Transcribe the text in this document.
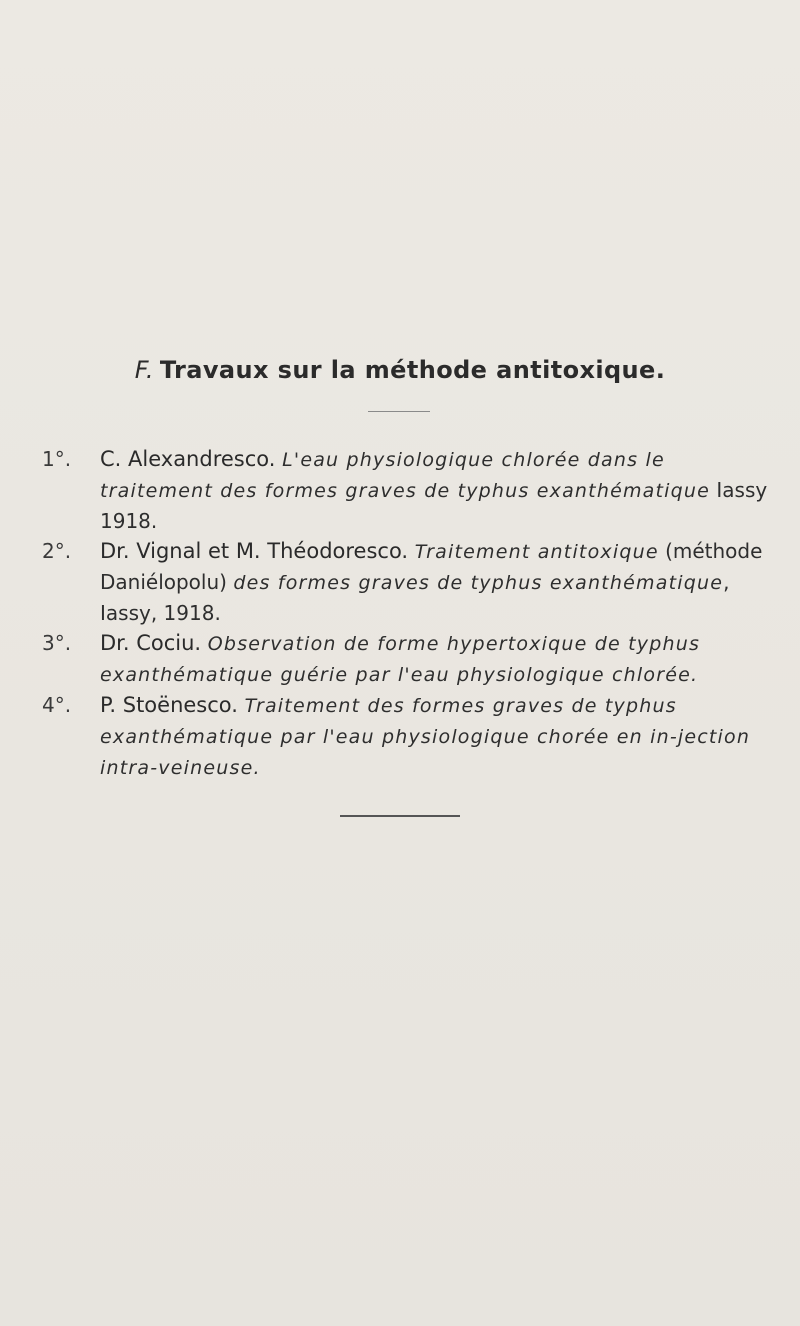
F. Travaux sur la méthode antitoxique.
1°. C. Alexandresco. L'eau physiologique chlorée dans le traitement des formes graves de typhus exanthématique Iassy 1918.
2°. Dr. Vignal et M. Théodoresco. Traitement antitoxique (méthode Daniélopolu) des formes graves de typhus exanthématique, Iassy, 1918.
3°. Dr. Cociu. Observation de forme hypertoxique de typhus exanthématique guérie par l'eau physiologique chlorée.
4°. P. Stoënesco. Traitement des formes graves de typhus exanthématique par l'eau physiologique chorée en in-jection intra-veineuse.
